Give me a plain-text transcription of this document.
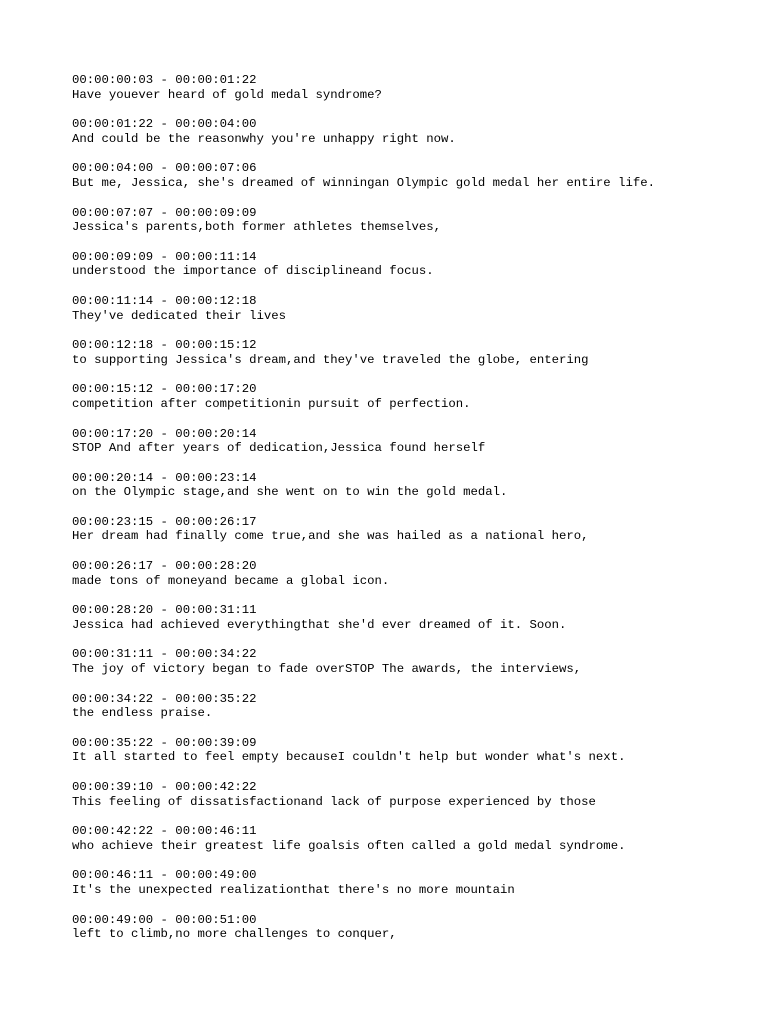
00:00:00:03 - 00:00:01:22
Have youever heard of gold medal syndrome?
00:00:01:22 - 00:00:04:00
And could be the reasonwhy you're unhappy right now.
00:00:04:00 - 00:00:07:06
But me, Jessica, she's dreamed of winningan Olympic gold medal her entire life.
00:00:07:07 - 00:00:09:09
Jessica's parents,both former athletes themselves,
00:00:09:09 - 00:00:11:14
understood the importance of disciplineand focus.
00:00:11:14 - 00:00:12:18
They've dedicated their lives
00:00:12:18 - 00:00:15:12
to supporting Jessica's dream,and they've traveled the globe, entering
00:00:15:12 - 00:00:17:20
competition after competitionin pursuit of perfection.
00:00:17:20 - 00:00:20:14
STOP And after years of dedication,Jessica found herself
00:00:20:14 - 00:00:23:14
on the Olympic stage,and she went on to win the gold medal.
00:00:23:15 - 00:00:26:17
Her dream had finally come true,and she was hailed as a national hero,
00:00:26:17 - 00:00:28:20
made tons of moneyand became a global icon.
00:00:28:20 - 00:00:31:11
Jessica had achieved everythingthat she'd ever dreamed of it. Soon.
00:00:31:11 - 00:00:34:22
The joy of victory began to fade overSTOP The awards, the interviews,
00:00:34:22 - 00:00:35:22
the endless praise.
00:00:35:22 - 00:00:39:09
It all started to feel empty becauseI couldn't help but wonder what's next.
00:00:39:10 - 00:00:42:22
This feeling of dissatisfactionand lack of purpose experienced by those
00:00:42:22 - 00:00:46:11
who achieve their greatest life goalsis often called a gold medal syndrome.
00:00:46:11 - 00:00:49:00
It's the unexpected realizationthat there's no more mountain
00:00:49:00 - 00:00:51:00
left to climb,no more challenges to conquer,
